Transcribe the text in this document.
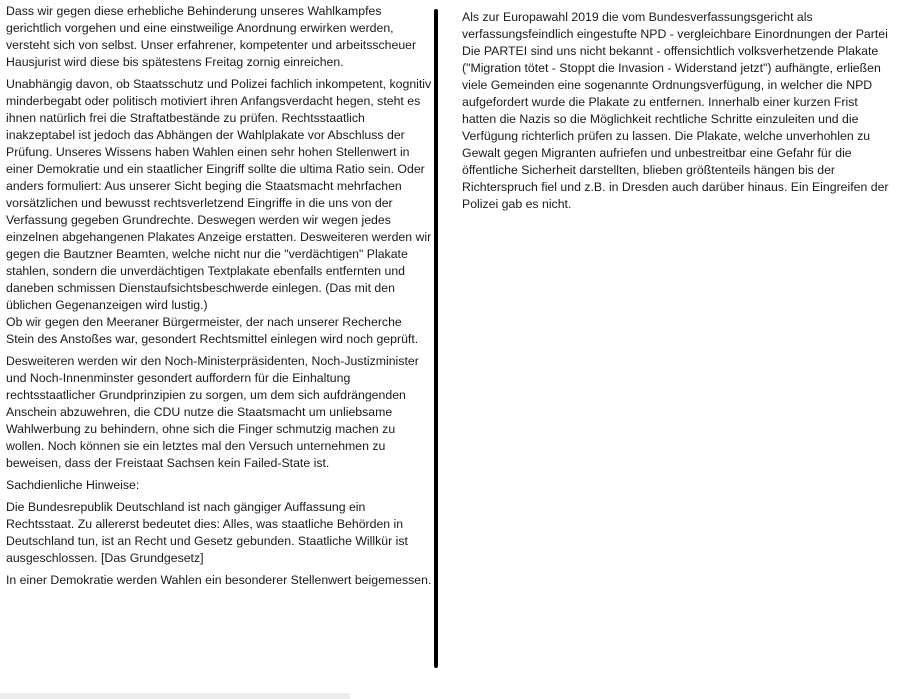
Dass wir gegen diese erhebliche Behinderung unseres Wahlkampfes gerichtlich vorgehen und eine einstweilige Anordnung erwirken werden, versteht sich von selbst. Unser erfahrener, kompetenter und arbeitsscheuer Hausjurist wird diese bis spätestens Freitag zornig einreichen.

Unabhängig davon, ob Staatsschutz und Polizei fachlich inkompetent, kognitiv minderbegabt oder politisch motiviert ihren Anfangsverdacht hegen, steht es ihnen natürlich frei die Straftatbestände zu prüfen. Rechtsstaatlich inakzeptabel ist jedoch das Abhängen der Wahlplakate vor Abschluss der Prüfung. Unseres Wissens haben Wahlen einen sehr hohen Stellenwert in einer Demokratie und ein staatlicher Eingriff sollte die ultima Ratio sein. Oder anders formuliert: Aus unserer Sicht beging die Staatsmacht mehrfachen vorsätzlichen und bewusst rechtsverletzend Eingriffe in die uns von der Verfassung gegeben Grundrechte. Deswegen werden wir wegen jedes einzelnen abgehangenen Plakates Anzeige erstatten. Desweiteren werden wir gegen die Bautzner Beamten, welche nicht nur die "verdächtigen" Plakate stahlen, sondern die unverdächtigen Textplakate ebenfalls entfernten und daneben schmissen Dienstaufsichtsbeschwerde einlegen. (Das mit den üblichen Gegenanzeigen wird lustig.)

Ob wir gegen den Meeraner Bürgermeister, der nach unserer Recherche Stein des Anstoßes war, gesondert Rechtsmittel einlegen wird noch geprüft.

Desweiteren werden wir den Noch-Ministerpräsidenten, Noch-Justizminister und Noch-Innenminster gesondert auffordern für die Einhaltung rechtsstaatlicher Grundprinzipien zu sorgen, um dem sich aufdrängenden Anschein abzuwehren, die CDU nutze die Staatsmacht um unliebsame Wahlwerbung zu behindern, ohne sich die Finger schmutzig machen zu wollen. Noch können sie ein letztes mal den Versuch unternehmen zu beweisen, dass der Freistaat Sachsen kein Failed-State ist.

Sachdienliche Hinweise:

Die Bundesrepublik Deutschland ist nach gängiger Auffassung ein Rechtsstaat. Zu allererst bedeutet dies: Alles, was staatliche Behörden in Deutschland tun, ist an Recht und Gesetz gebunden. Staatliche Willkür ist ausgeschlossen. [Das Grundgesetz]

In einer Demokratie werden Wahlen ein besonderer Stellenwert beigemessen.

Als zur Europawahl 2019 die vom Bundesverfassungsgericht als verfassungsfeindlich eingestufte NPD - vergleichbare Einordnungen der Partei Die PARTEI sind uns nicht bekannt - offensichtlich volksverhetzende Plakate ("Migration tötet - Stoppt die Invasion - Widerstand jetzt") aufhängte, erließen viele Gemeinden eine sogenannte Ordnungsverfügung, in welcher die NPD aufgefordert wurde die Plakate zu entfernen. Innerhalb einer kurzen Frist hatten die Nazis so die Möglichkeit rechtliche Schritte einzuleiten und die Verfügung richterlich prüfen zu lassen. Die Plakate, welche unverhohlen zu Gewalt gegen Migranten aufriefen und unbestreitbar eine Gefahr für die öffentliche Sicherheit darstellten, blieben größtenteils hängen bis der Richterspruch fiel und z.B. in Dresden auch darüber hinaus. Ein Eingreifen der Polizei gab es nicht.
